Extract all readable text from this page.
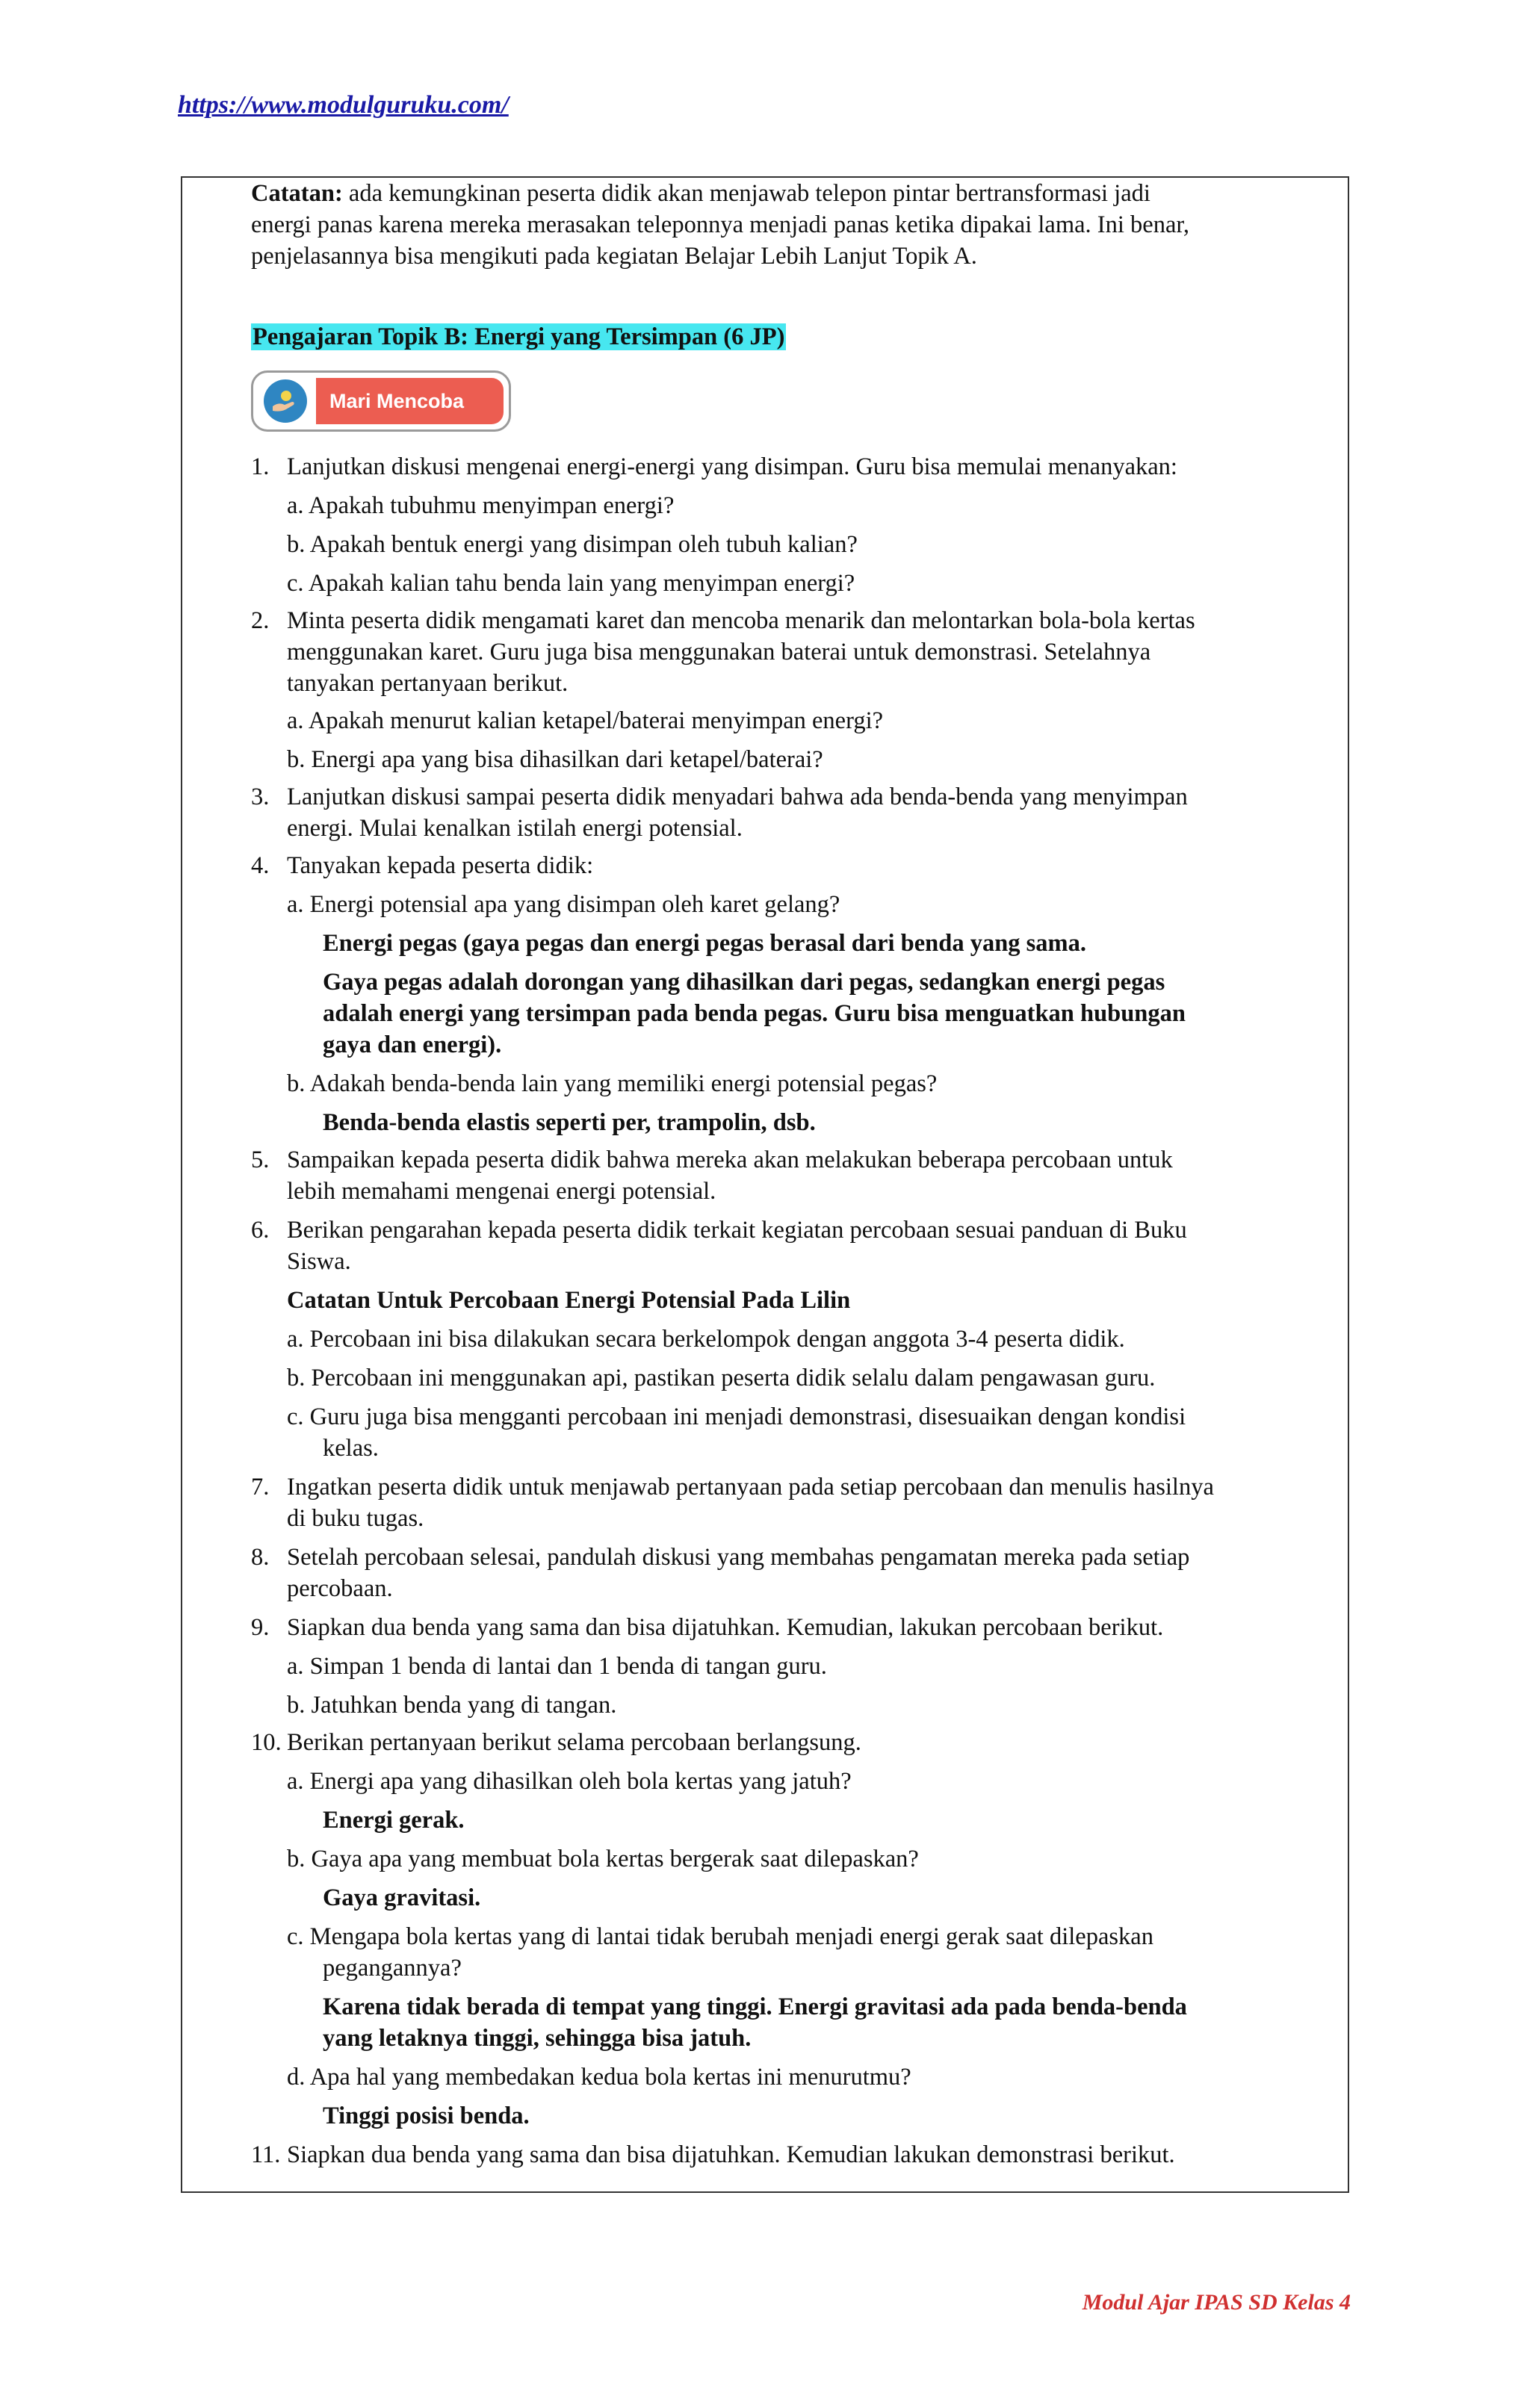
https://www.modulguruku.com/
Catatan: ada kemungkinan peserta didik akan menjawab telepon pintar bertransformasi jadi
energi panas karena mereka merasakan teleponnya menjadi panas ketika dipakai lama. Ini benar,
penjelasannya bisa mengikuti pada kegiatan Belajar Lebih Lanjut Topik A.
Pengajaran Topik B: Energi yang Tersimpan (6 JP)
Mari Mencoba
1. Lanjutkan diskusi mengenai energi-energi yang disimpan. Guru bisa memulai menanyakan:
a. Apakah tubuhmu menyimpan energi?
b. Apakah bentuk energi yang disimpan oleh tubuh kalian?
c. Apakah kalian tahu benda lain yang menyimpan energi?
2. Minta peserta didik mengamati karet dan mencoba menarik dan melontarkan bola-bola kertas
menggunakan karet. Guru juga bisa menggunakan baterai untuk demonstrasi. Setelahnya
tanyakan pertanyaan berikut.
a. Apakah menurut kalian ketapel/baterai menyimpan energi?
b. Energi apa yang bisa dihasilkan dari ketapel/baterai?
3. Lanjutkan diskusi sampai peserta didik menyadari bahwa ada benda-benda yang menyimpan
energi. Mulai kenalkan istilah energi potensial.
4. Tanyakan kepada peserta didik:
a. Energi potensial apa yang disimpan oleh karet gelang?
Energi pegas (gaya pegas dan energi pegas berasal dari benda yang sama.
Gaya pegas adalah dorongan yang dihasilkan dari pegas, sedangkan energi pegas
adalah energi yang tersimpan pada benda pegas. Guru bisa menguatkan hubungan
gaya dan energi).
b. Adakah benda-benda lain yang memiliki energi potensial pegas?
Benda-benda elastis seperti per, trampolin, dsb.
5. Sampaikan kepada peserta didik bahwa mereka akan melakukan beberapa percobaan untuk
lebih memahami mengenai energi potensial.
6. Berikan pengarahan kepada peserta didik terkait kegiatan percobaan sesuai panduan di Buku
Siswa.
Catatan Untuk Percobaan Energi Potensial Pada Lilin
a. Percobaan ini bisa dilakukan secara berkelompok dengan anggota 3-4 peserta didik.
b. Percobaan ini menggunakan api, pastikan peserta didik selalu dalam pengawasan guru.
c. Guru juga bisa mengganti percobaan ini menjadi demonstrasi, disesuaikan dengan kondisi
kelas.
7. Ingatkan peserta didik untuk menjawab pertanyaan pada setiap percobaan dan menulis hasilnya
di buku tugas.
8. Setelah percobaan selesai, pandulah diskusi yang membahas pengamatan mereka pada setiap
percobaan.
9. Siapkan dua benda yang sama dan bisa dijatuhkan. Kemudian, lakukan percobaan berikut.
a. Simpan 1 benda di lantai dan 1 benda di tangan guru.
b. Jatuhkan benda yang di tangan.
10. Berikan pertanyaan berikut selama percobaan berlangsung.
a. Energi apa yang dihasilkan oleh bola kertas yang jatuh?
Energi gerak.
b. Gaya apa yang membuat bola kertas bergerak saat dilepaskan?
Gaya gravitasi.
c. Mengapa bola kertas yang di lantai tidak berubah menjadi energi gerak saat dilepaskan
pegangannya?
Karena tidak berada di tempat yang tinggi. Energi gravitasi ada pada benda-benda
yang letaknya tinggi, sehingga bisa jatuh.
d. Apa hal yang membedakan kedua bola kertas ini menurutmu?
Tinggi posisi benda.
11. Siapkan dua benda yang sama dan bisa dijatuhkan. Kemudian lakukan demonstrasi berikut.
Modul Ajar IPAS SD Kelas 4
